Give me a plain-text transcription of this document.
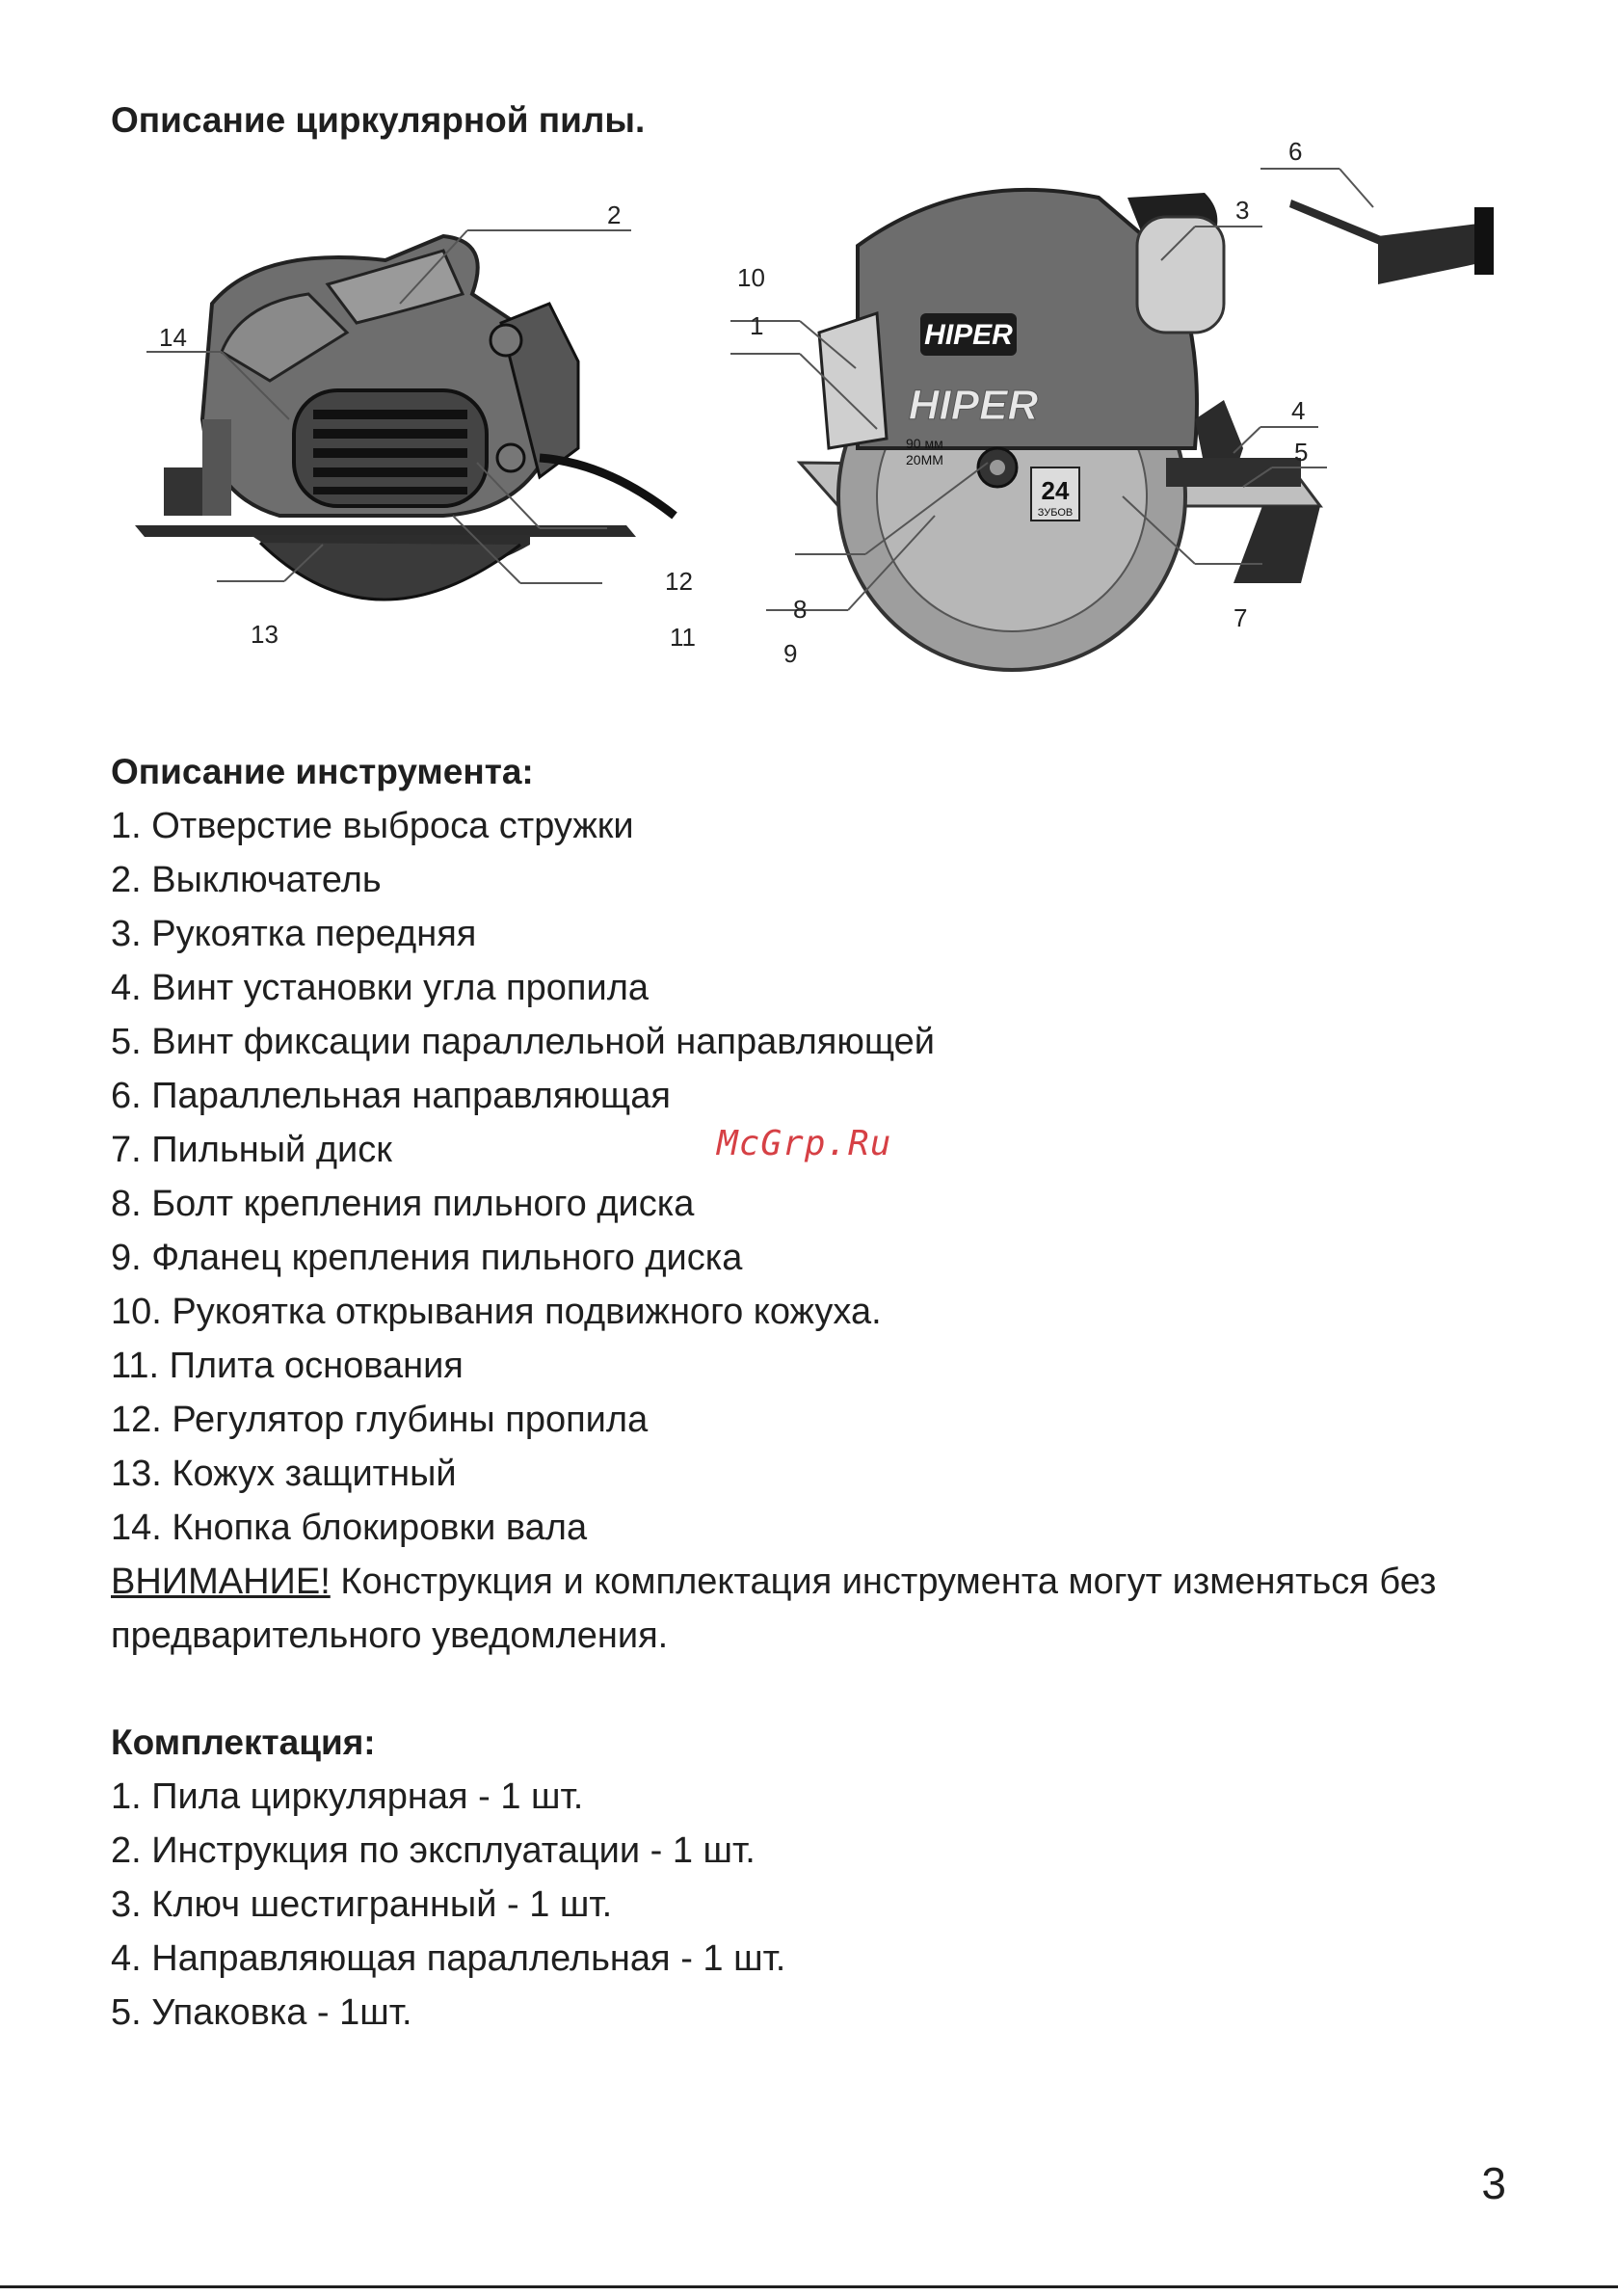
Описание циркулярной пилы.
HIPER
HIPER
90 мм
20ММ
24
ЗУБОВ
2
14
12
11
13
10
1
8
9
3
4
5
7
6
Описание инструмента:
1. Отверстие выброса стружки
2. Выключатель
3. Рукоятка передняя
4. Винт установки угла пропила
5. Винт фиксации параллельной направляющей
6. Параллельная направляющая
7. Пильный диск
8. Болт крепления пильного диска
9. Фланец крепления пильного диска
10. Рукоятка открывания подвижного кожуха.
11. Плита основания
12. Регулятор глубины пропила
13. Кожух защитный
14. Кнопка блокировки вала

ВНИМАНИЕ! Конструкция и комплектация инструмента могут изменяться без предварительного уведомления.

McGrp.Ru
Комплектация:
1. Пила циркулярная - 1 шт.
2. Инструкция по эксплуатации - 1 шт.
3. Ключ шестигранный - 1 шт.
4. Направляющая параллельная - 1 шт.
5. Упаковка - 1шт.
3
